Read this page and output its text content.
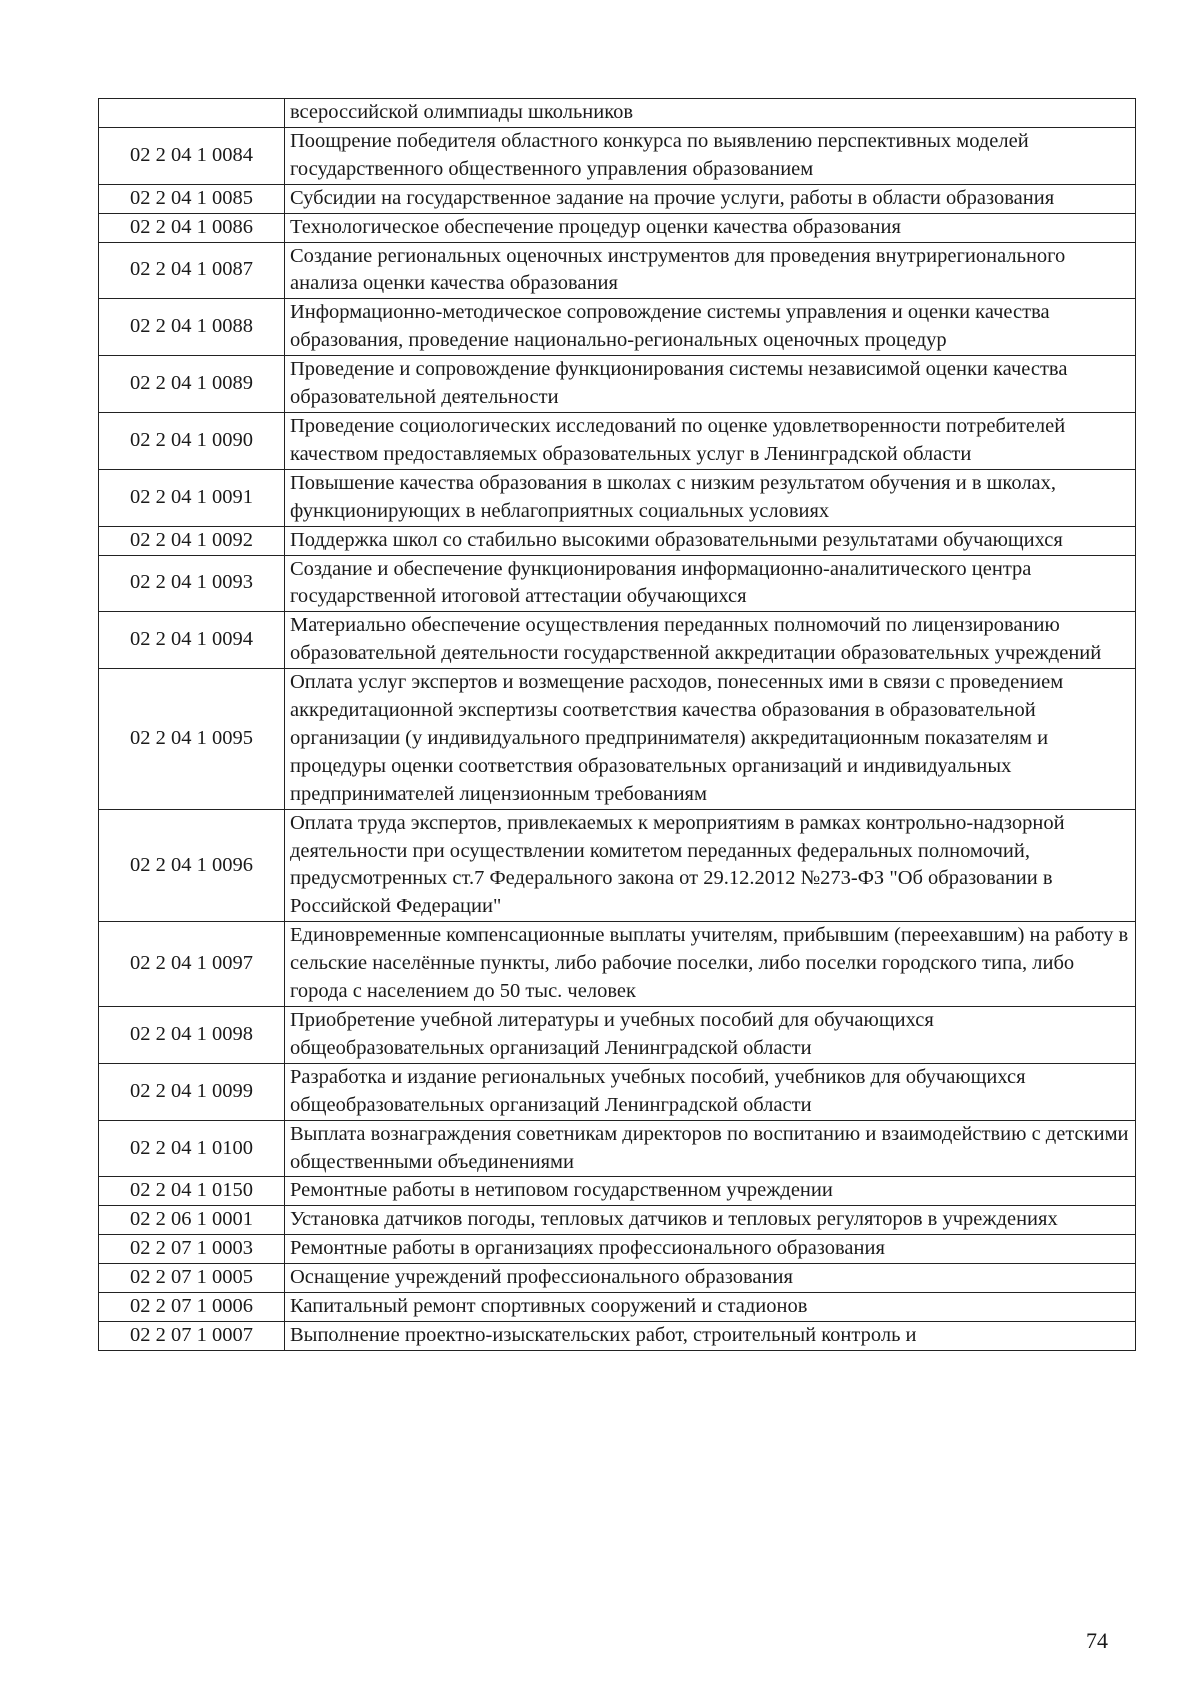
	всероссийской олимпиады школьников
02 2 04 1 0084	Поощрение победителя областного конкурса по выявлению перспективных моделей государственного общественного управления образованием
02 2 04 1 0085	Субсидии на государственное задание на прочие услуги, работы в области образования
02 2 04 1 0086	Технологическое обеспечение процедур оценки качества образования
02 2 04 1 0087	Создание региональных оценочных инструментов для проведения внутрирегионального анализа оценки качества образования
02 2 04 1 0088	Информационно-методическое сопровождение системы управления и оценки качества образования, проведение национально-региональных оценочных процедур
02 2 04 1 0089	Проведение и сопровождение функционирования системы независимой оценки качества образовательной деятельности
02 2 04 1 0090	Проведение социологических исследований по оценке удовлетворенности потребителей качеством предоставляемых образовательных услуг в Ленинградской области
02 2 04 1 0091	Повышение качества образования в школах с низким результатом обучения и в школах, функционирующих в неблагоприятных социальных условиях
02 2 04 1 0092	Поддержка школ со стабильно высокими образовательными результатами обучающихся
02 2 04 1 0093	Создание и обеспечение функционирования информационно-аналитического центра государственной итоговой аттестации обучающихся
02 2 04 1 0094	Материально обеспечение осуществления переданных полномочий по лицензированию образовательной деятельности государственной аккредитации образовательных учреждений
02 2 04 1 0095	Оплата услуг экспертов и возмещение расходов, понесенных ими в связи с проведением аккредитационной экспертизы соответствия качества образования в образовательной организации (у индивидуального предпринимателя) аккредитационным показателям и процедуры оценки соответствия образовательных организаций и индивидуальных предпринимателей лицензионным требованиям
02 2 04 1 0096	Оплата труда экспертов, привлекаемых к мероприятиям в рамках контрольно-надзорной деятельности при осуществлении комитетом переданных федеральных полномочий, предусмотренных ст.7 Федерального закона от 29.12.2012 №273-ФЗ "Об образовании в Российской Федерации"
02 2 04 1 0097	Единовременные компенсационные выплаты учителям, прибывшим (переехавшим) на работу в сельские населённые пункты, либо рабочие поселки, либо поселки городского типа, либо города с населением до 50 тыс. человек
02 2 04 1 0098	Приобретение учебной литературы и учебных пособий для обучающихся общеобразовательных организаций Ленинградской области
02 2 04 1 0099	Разработка и издание региональных учебных пособий, учебников для обучающихся общеобразовательных организаций Ленинградской области
02 2 04 1 0100	Выплата вознаграждения советникам директоров по воспитанию и взаимодействию с детскими общественными объединениями
02 2 04 1 0150	Ремонтные работы в нетиповом государственном учреждении
02 2 06 1 0001	Установка датчиков погоды, тепловых датчиков и тепловых регуляторов в учреждениях
02 2 07 1 0003	Ремонтные работы в организациях профессионального образования
02 2 07 1 0005	Оснащение учреждений профессионального образования
02 2 07 1 0006	Капитальный ремонт спортивных сооружений и стадионов
02 2 07 1 0007	Выполнение проектно-изыскательских работ, строительный контроль и
74
